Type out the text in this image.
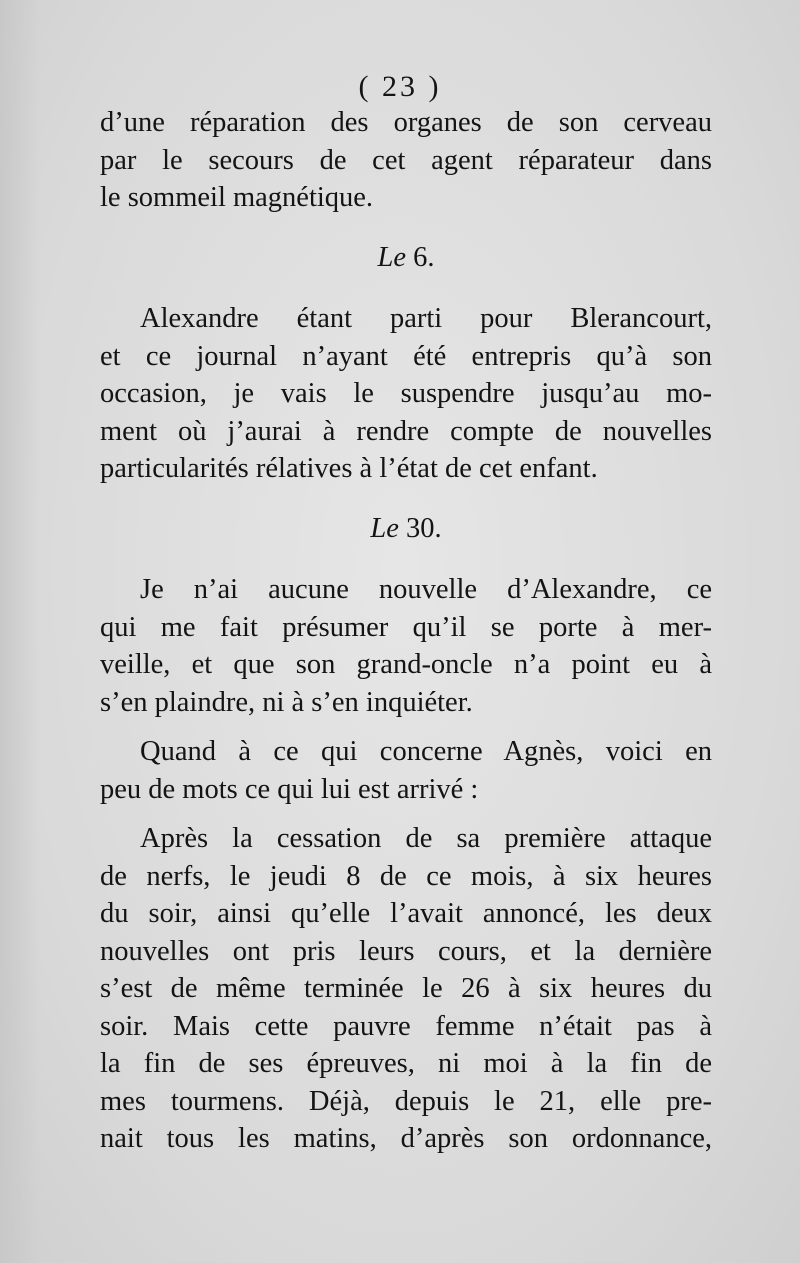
( 23 )
d’une réparation des organes de son cerveau
par le secours de cet agent réparateur dans
le sommeil magnétique.
Le 6.
Alexandre étant parti pour Blerancourt,
et ce journal n’ayant été entrepris qu’à son
occasion, je vais le suspendre jusqu’au mo-
ment où j’aurai à rendre compte de nouvelles
particularités rélatives à l’état de cet enfant.
Le 30.
Je n’ai aucune nouvelle d’Alexandre, ce
qui me fait présumer qu’il se porte à mer-
veille, et que son grand-oncle n’a point eu à
s’en plaindre, ni à s’en inquiéter.
Quand à ce qui concerne Agnès, voici en
peu de mots ce qui lui est arrivé :
Après la cessation de sa première attaque
de nerfs, le jeudi 8 de ce mois, à six heures
du soir, ainsi qu’elle l’avait annoncé, les deux
nouvelles ont pris leurs cours, et la dernière
s’est de même terminée le 26 à six heures du
soir. Mais cette pauvre femme n’était pas à
la fin de ses épreuves, ni moi à la fin de
mes tourmens. Déjà, depuis le 21, elle pre-
nait tous les matins, d’après son ordonnance,
